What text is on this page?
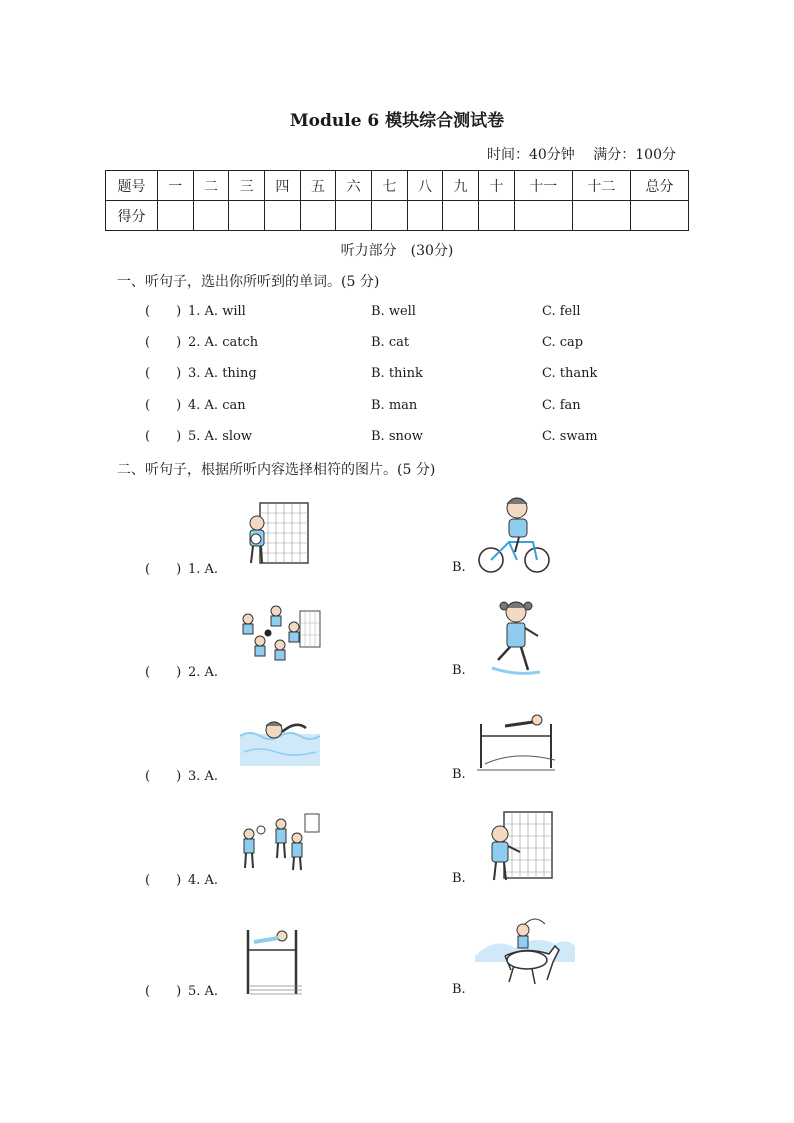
Module 6 模块综合测试卷
时间：40分钟 满分：100分
题号	一	二	三	四	五	六	七	八	九	十	十一	十二	总分
得分													
听力部分　(30分)
一、听句子，选出你所听到的单词。(5 分)
(　　) 1. A. will	B. well	C. fell
(　　) 2. A. catch	B. cat	C. cap
(　　) 3. A. thing	B. think	C. thank
(　　) 4. A. can	B. man	C. fan
(　　) 5. A. slow	B. snow	C. swam
二、听句子，根据所听内容选择相符的图片。(5 分)
(　　) 1. A.	B.
(　　) 2. A.	B.
(　　) 3. A.	B.
(　　) 4. A.	B.
(　　) 5. A.	B.
